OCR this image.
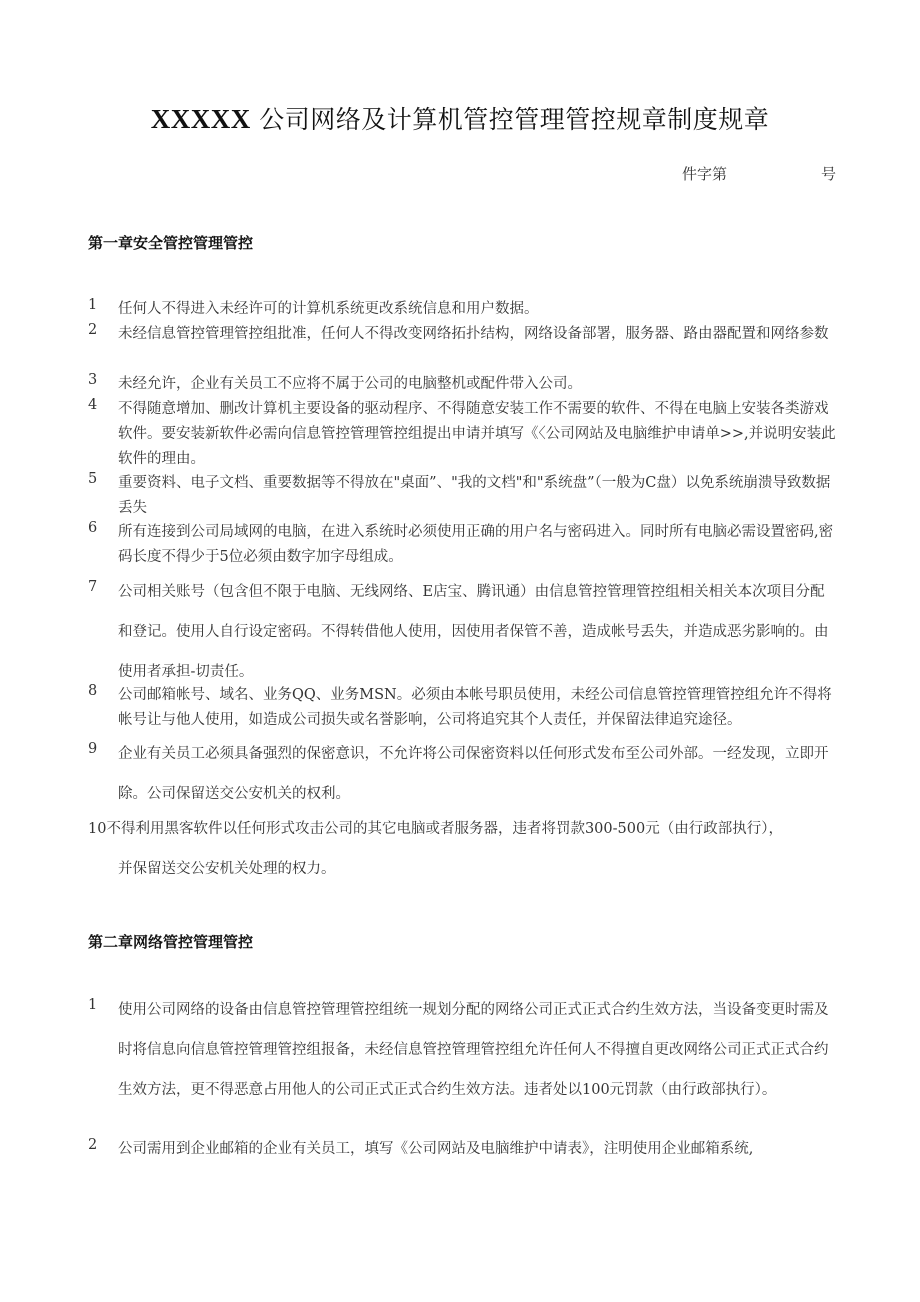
XXXXX 公司网络及计算机管控管理管控规章制度规章
件字第	号
第一章安全管控管理管控
1 任何人不得进入未经许可的计算机系统更改系统信息和用户数据。
2 未经信息管控管理管控组批准，任何人不得改变网络拓扑结构，网络设备部署，服务器、路由器配置和网络参数
3 未经允许，企业有关员工不应将不属于公司的电脑整机或配件带入公司。
4 不得随意增加、删改计算机主要设备的驱动程序、不得随意安装工作不需要的软件、不得在电脑上安装各类游戏软件。要安装新软件必需向信息管控管理管控组提出申请并填写《〈公司网站及电脑维护申请单>>,并说明安装此软件的理由。
5 重要资料、电子文档、重要数据等不得放在"桌面”、"我的文档"和"系统盘”（一般为C盘）以免系统崩溃导致数据丢失
6 所有连接到公司局域网的电脑，在进入系统时必须使用正确的用户名与密码进入。同时所有电脑必需设置密码,密码长度不得少于5位必须由数字加字母组成。
7 公司相关账号（包含但不限于电脑、无线网络、E店宝、腾讯通）由信息管控管理管控组相关相关本次项目分配和登记。使用人自行设定密码。不得转借他人使用，因使用者保管不善，造成帐号丢失，并造成恶劣影响的。由使用者承担-切责任。
8 公司邮箱帐号、域名、业务QQ、业务MSN。必须由本帐号职员使用，未经公司信息管控管理管控组允许不得将帐号让与他人使用，如造成公司损失或名誉影响，公司将追究其个人责任，并保留法律追究途径。
9 企业有关员工必须具备强烈的保密意识，不允许将公司保密资料以任何形式发布至公司外部。一经发现，立即开除。公司保留送交公安机关的权利。
10不得利用黑客软件以任何形式攻击公司的其它电脑或者服务器，违者将罚款300-500元（由行政部执行），
并保留送交公安机关处理的权力。
第二章网络管控管理管控
1 使用公司网络的设备由信息管控管理管控组统一规划分配的网络公司正式正式合约生效方法，当设备变更时需及时将信息向信息管控管理管控组报备，未经信息管控管理管控组允许任何人不得擅自更改网络公司正式正式合约生效方法，更不得恶意占用他人的公司正式正式合约生效方法。违者处以100元罚款（由行政部执行）。
2 公司需用到企业邮箱的企业有关员工，填写《公司网站及电脑维护中请表》，注明使用企业邮箱系统,
